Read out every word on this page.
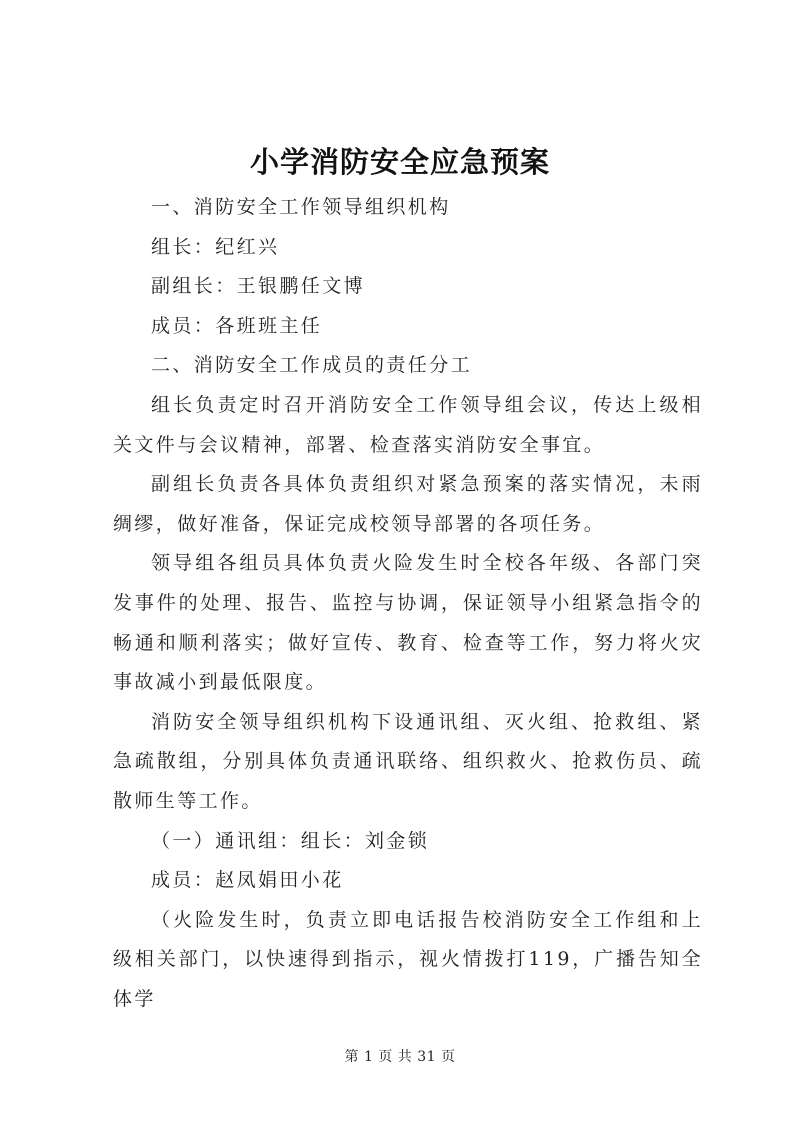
小学消防安全应急预案

一、消防安全工作领导组织机构

组长：纪红兴

副组长：王银鹏任文博

成员：各班班主任

二、消防安全工作成员的责任分工

组长负责定时召开消防安全工作领导组会议，传达上级相关文件与会议精神，部署、检查落实消防安全事宜。

副组长负责各具体负责组织对紧急预案的落实情况，未雨绸缪，做好准备，保证完成校领导部署的各项任务。

领导组各组员具体负责火险发生时全校各年级、各部门突发事件的处理、报告、监控与协调，保证领导小组紧急指令的畅通和顺利落实；做好宣传、教育、检查等工作，努力将火灾事故减小到最低限度。

消防安全领导组织机构下设通讯组、灭火组、抢救组、紧急疏散组，分别具体负责通讯联络、组织救火、抢救伤员、疏散师生等工作。

（一）通讯组：组长：刘金锁

成员：赵凤娟田小花

（火险发生时，负责立即电话报告校消防安全工作组和上级相关部门，以快速得到指示，视火情拨打119，广播告知全体学

第 1 页 共 31 页
